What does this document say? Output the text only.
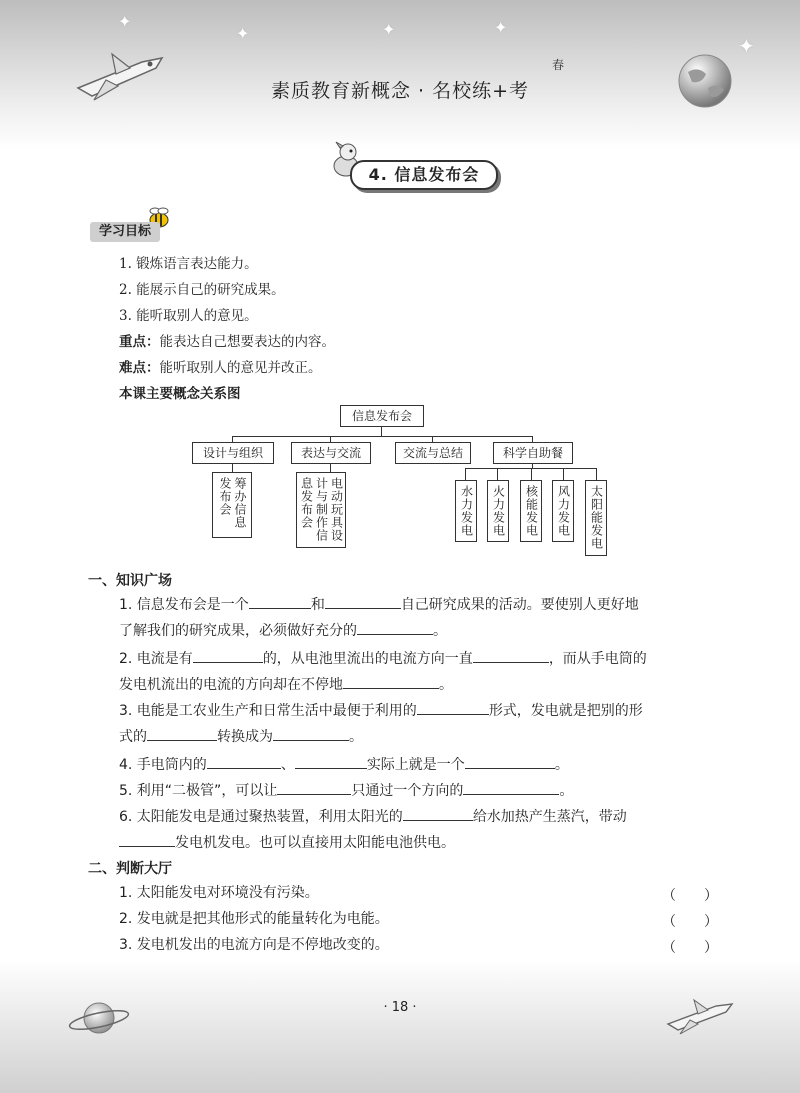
✦
✦	✦	✦
✦
素质教育新概念 · 名校练+考
春
4. 信息发布会
学习目标
1. 锻炼语言表达能力。
2. 能展示自己的研究成果。
3. 能听取别人的意见。
重点：能表达自己想要表达的内容。
难点：能听取别人的意见并改正。
本课主要概念关系图
信息发布会
设计与组织	表达与交流	交流与总结	科学自助餐
筹办信息发布会	电动玩具设计与制作信息发布会	水力发电 火力发电 核能发电 风力发电 太阳能发电
一、知识广场
1. 信息发布会是一个	和	自己研究成果的活动。要使别人更好地
了解我们的研究成果，必须做好充分的	。
2. 电流是有	的，从电池里流出的电流方向一直	，而从手电筒的
发电机流出的电流的方向却在不停地	。
3. 电能是工农业生产和日常生活中最便于利用的	形式，发电就是把别的形
式的	转换成为	。
4. 手电筒内的	、	实际上就是一个	。
5. 利用“二极管”，可以让	只通过一个方向的	。
6. 太阳能发电是通过聚热装置，利用太阳光的	给水加热产生蒸汽，带动
发电机发电。也可以直接用太阳能电池供电。
二、判断大厅
1. 太阳能发电对环境没有污染。	（　　）
2. 发电就是把其他形式的能量转化为电能。	（　　）
3. 发电机发出的电流方向是不停地改变的。	（　　）
· 18 ·
